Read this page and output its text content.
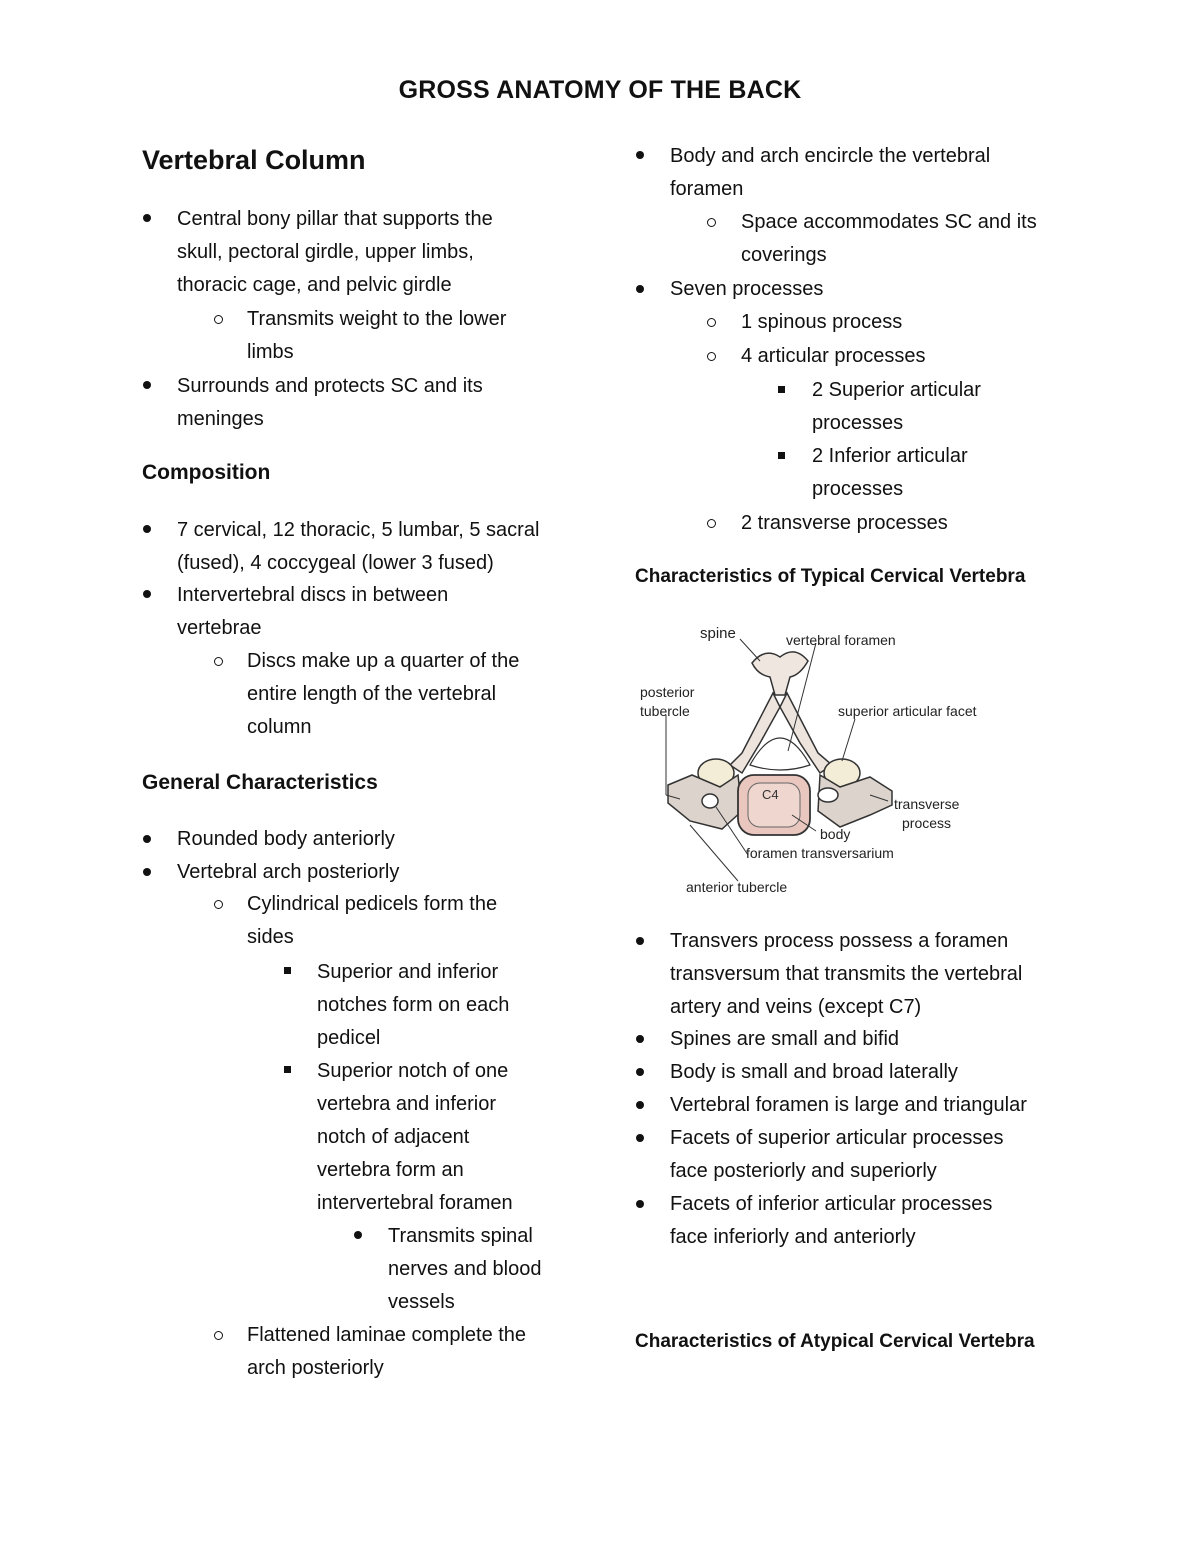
GROSS ANATOMY OF THE BACK
Vertebral Column
Central bony pillar that supports the
skull, pectoral girdle, upper limbs,
thoracic cage, and pelvic girdle
Transmits weight to the lower
limbs
Surrounds and protects SC and its
meninges
Composition
7 cervical, 12 thoracic, 5 lumbar, 5 sacral
(fused), 4 coccygeal (lower 3 fused)
Intervertebral discs in between
vertebrae
Discs make up a quarter of the
entire length of the vertebral
column
General Characteristics
Rounded body anteriorly
Vertebral arch posteriorly
Cylindrical pedicels form the
sides
Superior and inferior
notches form on each
pedicel
Superior notch of one
vertebra and inferior
notch of adjacent
vertebra form an
intervertebral foramen
Transmits spinal
nerves and blood
vessels
Flattened laminae complete the
arch posteriorly
Body and arch encircle the vertebral
foramen
Space accommodates SC and its
coverings
Seven processes
1 spinous process
4 articular processes
2 Superior articular
processes
2 Inferior articular
processes
2 transverse processes
Characteristics of Typical Cervical Vertebra
C4
spine	vertebral foramen
posterior
tubercle	superior articular facet
transverse
process
body
foramen transversarium
anterior tubercle
Transvers process possess a foramen
transversum that transmits the vertebral
artery and veins (except C7)
Spines are small and bifid
Body is small and broad laterally
Vertebral foramen is large and triangular
Facets of superior articular processes
face posteriorly and superiorly
Facets of inferior articular processes
face inferiorly and anteriorly
Characteristics of Atypical Cervical Vertebra
